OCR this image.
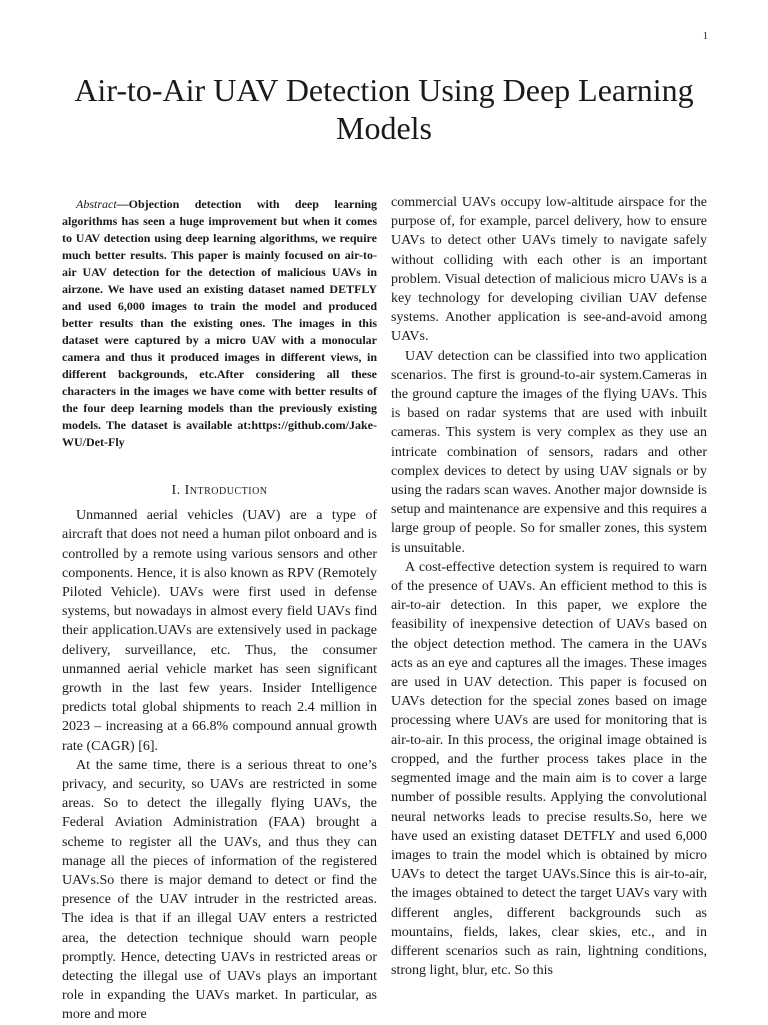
1
Air-to-Air UAV Detection Using Deep Learning Models

Abstract—Objection detection with deep learning algorithms has seen a huge improvement but when it comes to UAV detection using deep learning algorithms, we require much better results. This paper is mainly focused on air-to-air UAV detection for the detection of malicious UAVs in airzone. We have used an existing dataset named DETFLY and used 6,000 images to train the model and produced better results than the existing ones. The images in this dataset were captured by a micro UAV with a monocular camera and thus it produced images in different views, in different backgrounds, etc.After considering all these characters in the images we have come with better results of the four deep learning models than the previously existing models. The dataset is available at:https://github.com/Jake-WU/Det-Fly

I. Introduction

Unmanned aerial vehicles (UAV) are a type of aircraft that does not need a human pilot onboard and is controlled by a remote using various sensors and other components. Hence, it is also known as RPV (Remotely Piloted Vehicle). UAVs were first used in defense systems, but nowadays in almost every field UAVs find their application.UAVs are extensively used in package delivery, surveillance, etc. Thus, the consumer unmanned aerial vehicle market has seen significant growth in the last few years. Insider Intelligence predicts total global shipments to reach 2.4 million in 2023 – increasing at a 66.8% compound annual growth rate (CAGR) [6].

At the same time, there is a serious threat to one’s privacy, and security, so UAVs are restricted in some areas. So to detect the illegally flying UAVs, the Federal Aviation Administration (FAA) brought a scheme to register all the UAVs, and thus they can manage all the pieces of information of the registered UAVs.So there is major demand to detect or find the presence of the UAV intruder in the restricted areas. The idea is that if an illegal UAV enters a restricted area, the detection technique should warn people promptly. Hence, detecting UAVs in restricted areas or detecting the illegal use of UAVs plays an important role in expanding the UAVs market. In particular, as more and more

commercial UAVs occupy low-altitude airspace for the purpose of, for example, parcel delivery, how to ensure UAVs to detect other UAVs timely to navigate safely without colliding with each other is an important problem. Visual detection of malicious micro UAVs is a key technology for developing civilian UAV defense systems. Another application is see-and-avoid among UAVs.

UAV detection can be classified into two application scenarios. The first is ground-to-air system.Cameras in the ground capture the images of the flying UAVs. This is based on radar systems that are used with inbuilt cameras. This system is very complex as they use an intricate combination of sensors, radars and other complex devices to detect by using UAV signals or by using the radars scan waves. Another major downside is setup and maintenance are expensive and this requires a large group of people. So for smaller zones, this system is unsuitable.

A cost-effective detection system is required to warn of the presence of UAVs. An efficient method to this is air-to-air detection. In this paper, we explore the feasibility of inexpensive detection of UAVs based on the object detection method. The camera in the UAVs acts as an eye and captures all the images. These images are used in UAV detection. This paper is focused on UAVs detection for the special zones based on image processing where UAVs are used for monitoring that is air-to-air. In this process, the original image obtained is cropped, and the further process takes place in the segmented image and the main aim is to cover a large number of possible results. Applying the convolutional neural networks leads to precise results.So, here we have used an existing dataset DETFLY and used 6,000 images to train the model which is obtained by micro UAVs to detect the target UAVs.Since this is air-to-air, the images obtained to detect the target UAVs vary with different angles, different backgrounds such as mountains, fields, lakes, clear skies, etc., and in different scenarios such as rain, lightning conditions, strong light, blur, etc. So this
